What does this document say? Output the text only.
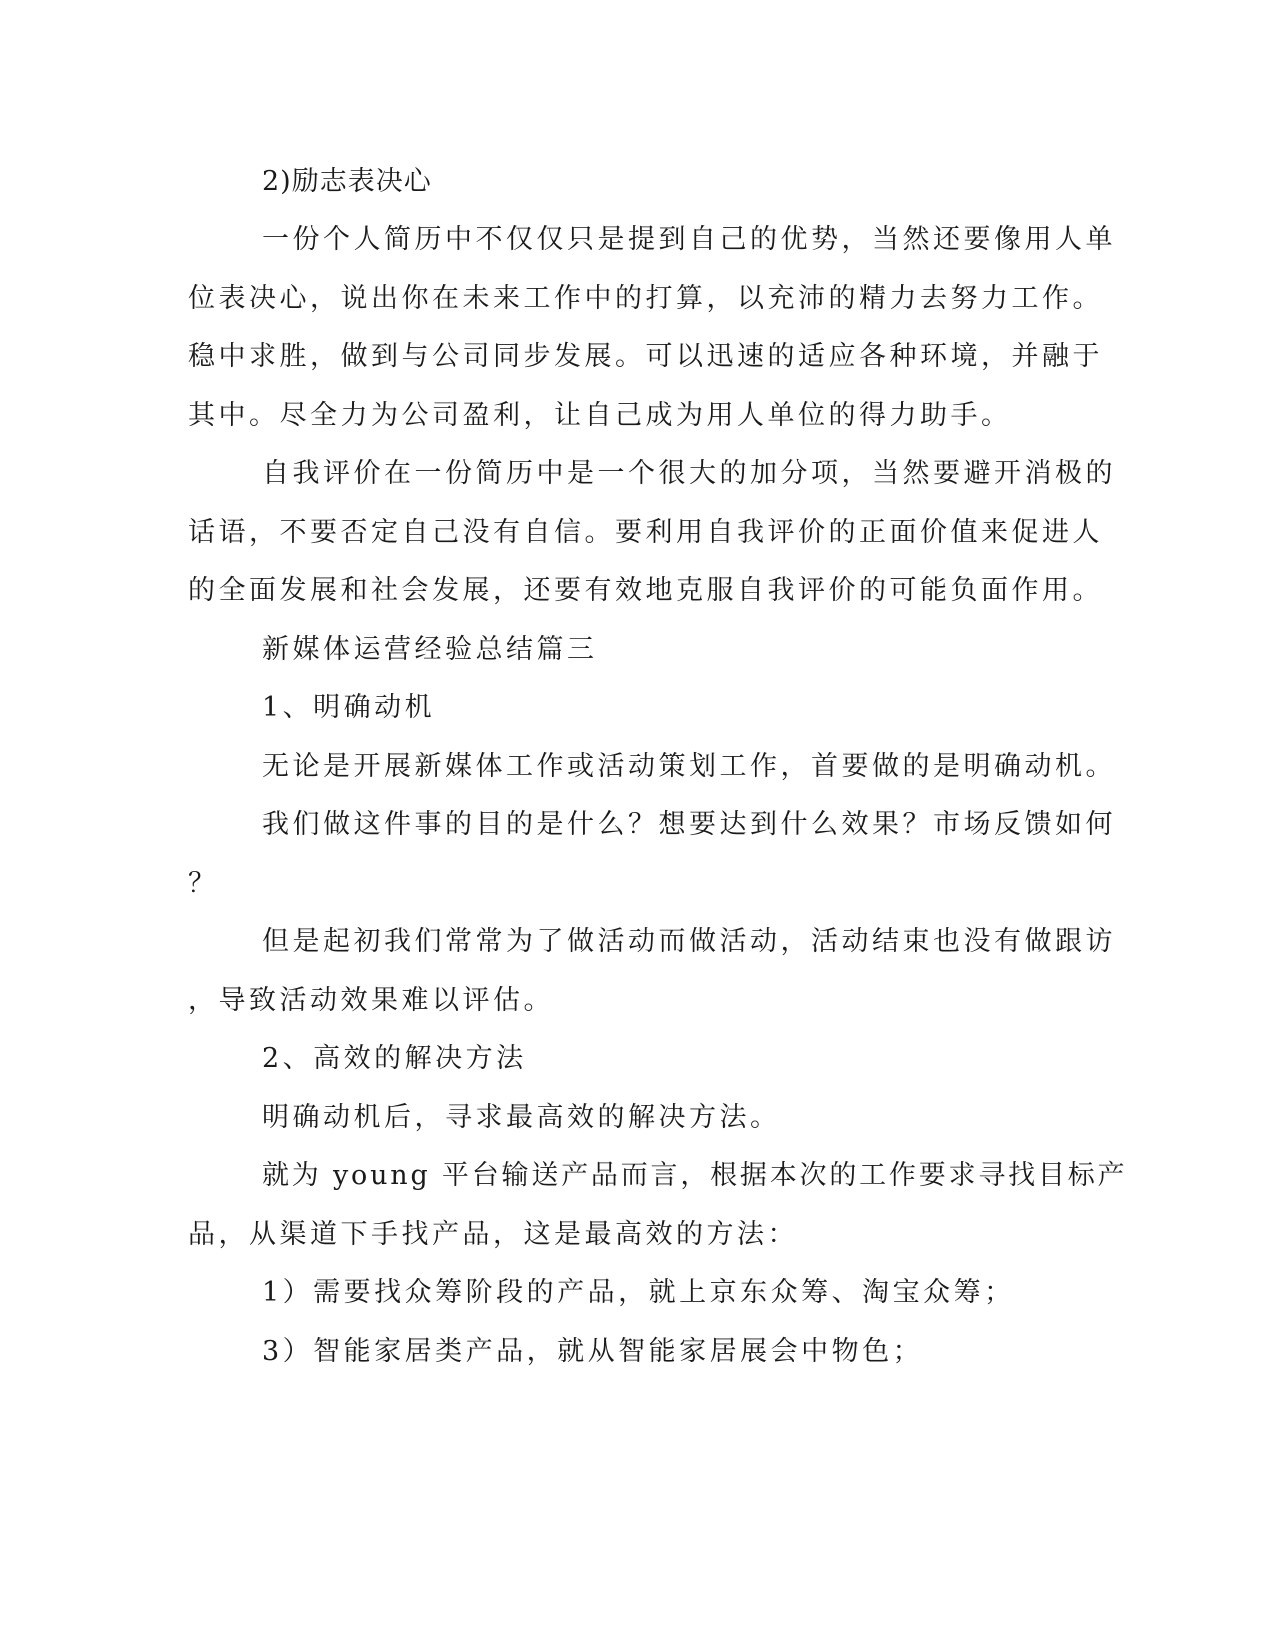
2)励志表决心
一份个人简历中不仅仅只是提到自己的优势，当然还要像用人单
位表决心，说出你在未来工作中的打算，以充沛的精力去努力工作。
稳中求胜，做到与公司同步发展。可以迅速的适应各种环境，并融于
其中。尽全力为公司盈利，让自己成为用人单位的得力助手。
自我评价在一份简历中是一个很大的加分项，当然要避开消极的
话语，不要否定自己没有自信。要利用自我评价的正面价值来促进人
的全面发展和社会发展，还要有效地克服自我评价的可能负面作用。
新媒体运营经验总结篇三
1、明确动机
无论是开展新媒体工作或活动策划工作，首要做的是明确动机。
我们做这件事的目的是什么？想要达到什么效果？市场反馈如何
？
但是起初我们常常为了做活动而做活动，活动结束也没有做跟访
，导致活动效果难以评估。
2、高效的解决方法
明确动机后，寻求最高效的解决方法。
就为 young 平台输送产品而言，根据本次的工作要求寻找目标产
品，从渠道下手找产品，这是最高效的方法：
1）需要找众筹阶段的产品，就上京东众筹、淘宝众筹；
3）智能家居类产品，就从智能家居展会中物色；
